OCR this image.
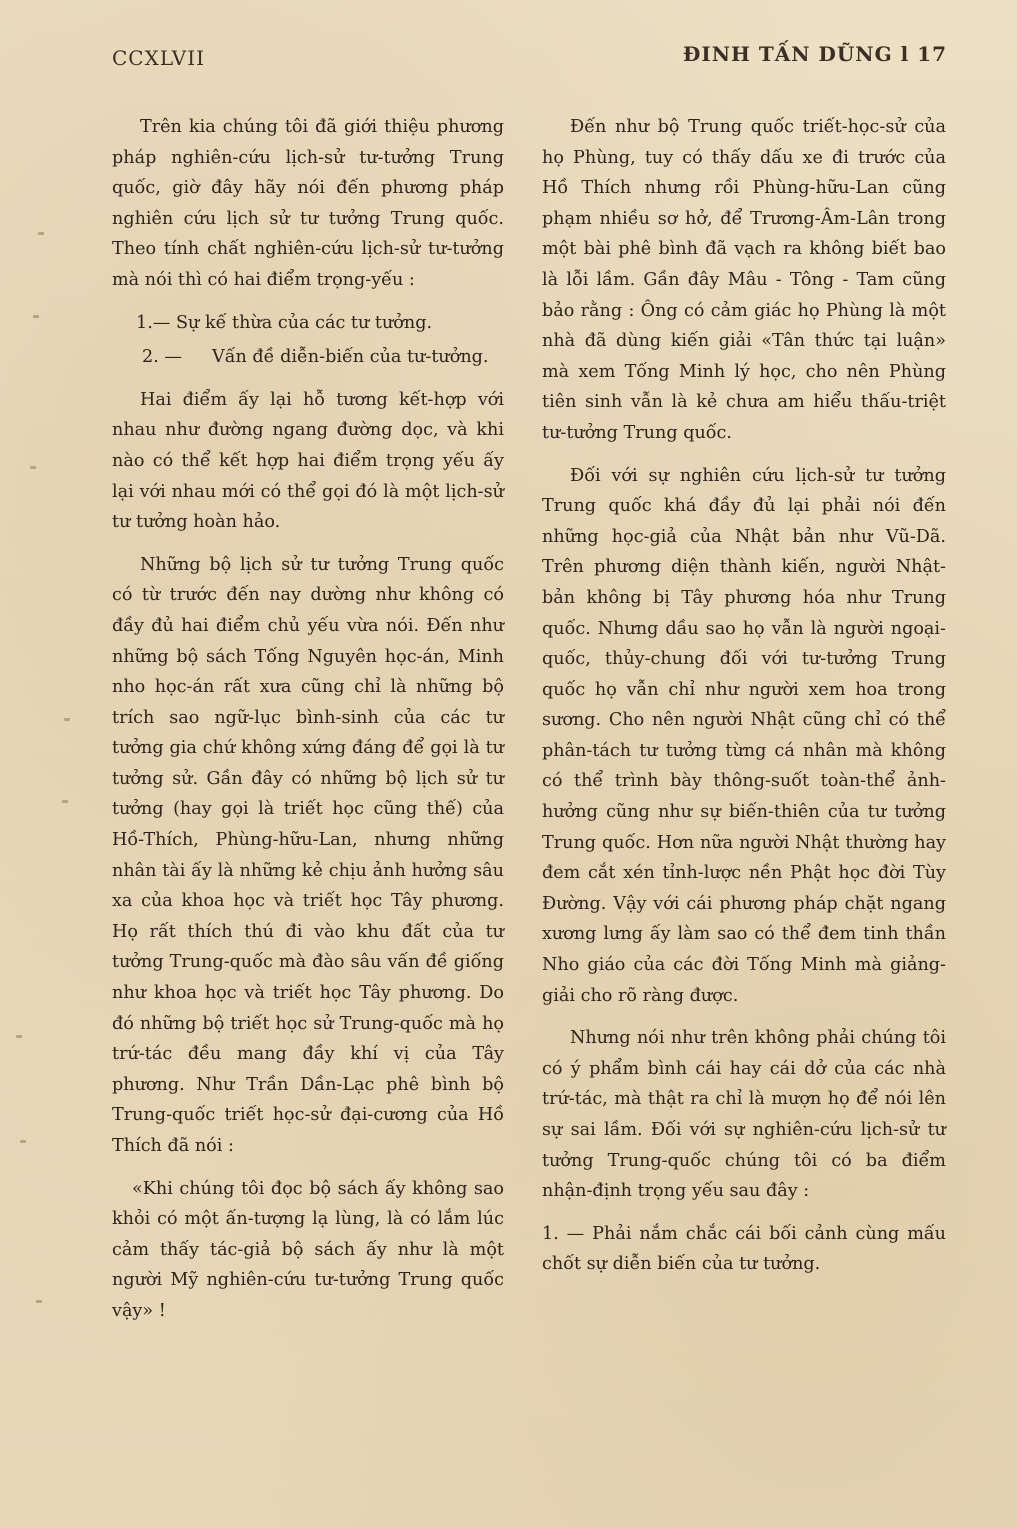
CCXLVII	ĐINH TẤN DŨNG l 17

Trên kia chúng tôi đã giới thiệu phương pháp nghiên-cứu lịch-sử tư-tưởng Trung quốc, giờ đây hãy nói đến phương pháp nghiên cứu lịch sử tư tưởng Trung quốc. Theo tính chất nghiên-cứu lịch-sử tư-tưởng mà nói thì có hai điểm trọng-yếu :

1.— Sự kế thừa của các tư tưởng.

2. — Vấn đề diễn-biến của tư-tưởng.

Hai điểm ấy lại hỗ tương kết-hợp với nhau như đường ngang đường dọc, và khi nào có thể kết hợp hai điểm trọng yếu ấy lại với nhau mới có thể gọi đó là một lịch-sử tư tưởng hoàn hảo.

Những bộ lịch sử tư tưởng Trung quốc có từ trước đến nay dường như không có đầy đủ hai điểm chủ yếu vừa nói. Đến như những bộ sách Tống Nguyên học-án, Minh nho học-án rất xưa cũng chỉ là những bộ trích sao ngữ-lục bình-sinh của các tư tưởng gia chứ không xứng đáng để gọi là tư tưởng sử. Gần đây có những bộ lịch sử tư tưởng (hay gọi là triết học cũng thế) của Hồ-Thích, Phùng-hữu-Lan, nhưng những nhân tài ấy là những kẻ chịu ảnh hưởng sâu xa của khoa học và triết học Tây phương. Họ rất thích thú đi vào khu đất của tư tưởng Trung-quốc mà đào sâu vấn đề giống như khoa học và triết học Tây phương. Do đó những bộ triết học sử Trung-quốc mà họ trứ-tác đều mang đầy khí vị của Tây phương. Như Trần Dần-Lạc phê bình bộ Trung-quốc triết học-sử đại-cương của Hồ Thích đã nói :

«Khi chúng tôi đọc bộ sách ấy không sao khỏi có một ấn-tượng lạ lùng, là có lắm lúc cảm thấy tác-giả bộ sách ấy như là một người Mỹ nghiên-cứu tư-tưởng Trung quốc vậy» !

Đến như bộ Trung quốc triết-học-sử của họ Phùng, tuy có thấy dấu xe đi trước của Hồ Thích nhưng rồi Phùng-hữu-Lan cũng phạm nhiều sơ hở, để Trương-Âm-Lân trong một bài phê bình đã vạch ra không biết bao là lỗi lầm. Gần đây Mâu - Tông - Tam cũng bảo rằng : Ông có cảm giác họ Phùng là một nhà đã dùng kiến giải «Tân thức tại luận» mà xem Tống Minh lý học, cho nên Phùng tiên sinh vẫn là kẻ chưa am hiểu thấu-triệt tư-tưởng Trung quốc.

Đối với sự nghiên cứu lịch-sử tư tưởng Trung quốc khá đầy đủ lại phải nói đến những học-giả của Nhật bản như Vũ-Dã. Trên phương diện thành kiến, người Nhật-bản không bị Tây phương hóa như Trung quốc. Nhưng dầu sao họ vẫn là người ngoại-quốc, thủy-chung đối với tư-tưởng Trung quốc họ vẫn chỉ như người xem hoa trong sương. Cho nên người Nhật cũng chỉ có thể phân-tách tư tưởng từng cá nhân mà không có thể trình bày thông-suốt toàn-thể ảnh-hưởng cũng như sự biến-thiên của tư tưởng Trung quốc. Hơn nữa người Nhật thường hay đem cắt xén tỉnh-lược nền Phật học đời Tùy Đường. Vậy với cái phương pháp chặt ngang xương lưng ấy làm sao có thể đem tinh thần Nho giáo của các đời Tống Minh mà giảng-giải cho rõ ràng được.

Nhưng nói như trên không phải chúng tôi có ý phẩm bình cái hay cái dở của các nhà trứ-tác, mà thật ra chỉ là mượn họ để nói lên sự sai lầm. Đối với sự nghiên-cứu lịch-sử tư tưởng Trung-quốc chúng tôi có ba điểm nhận-định trọng yếu sau đây :

1. — Phải nắm chắc cái bối cảnh cùng mấu chốt sự diễn biến của tư tưởng.
